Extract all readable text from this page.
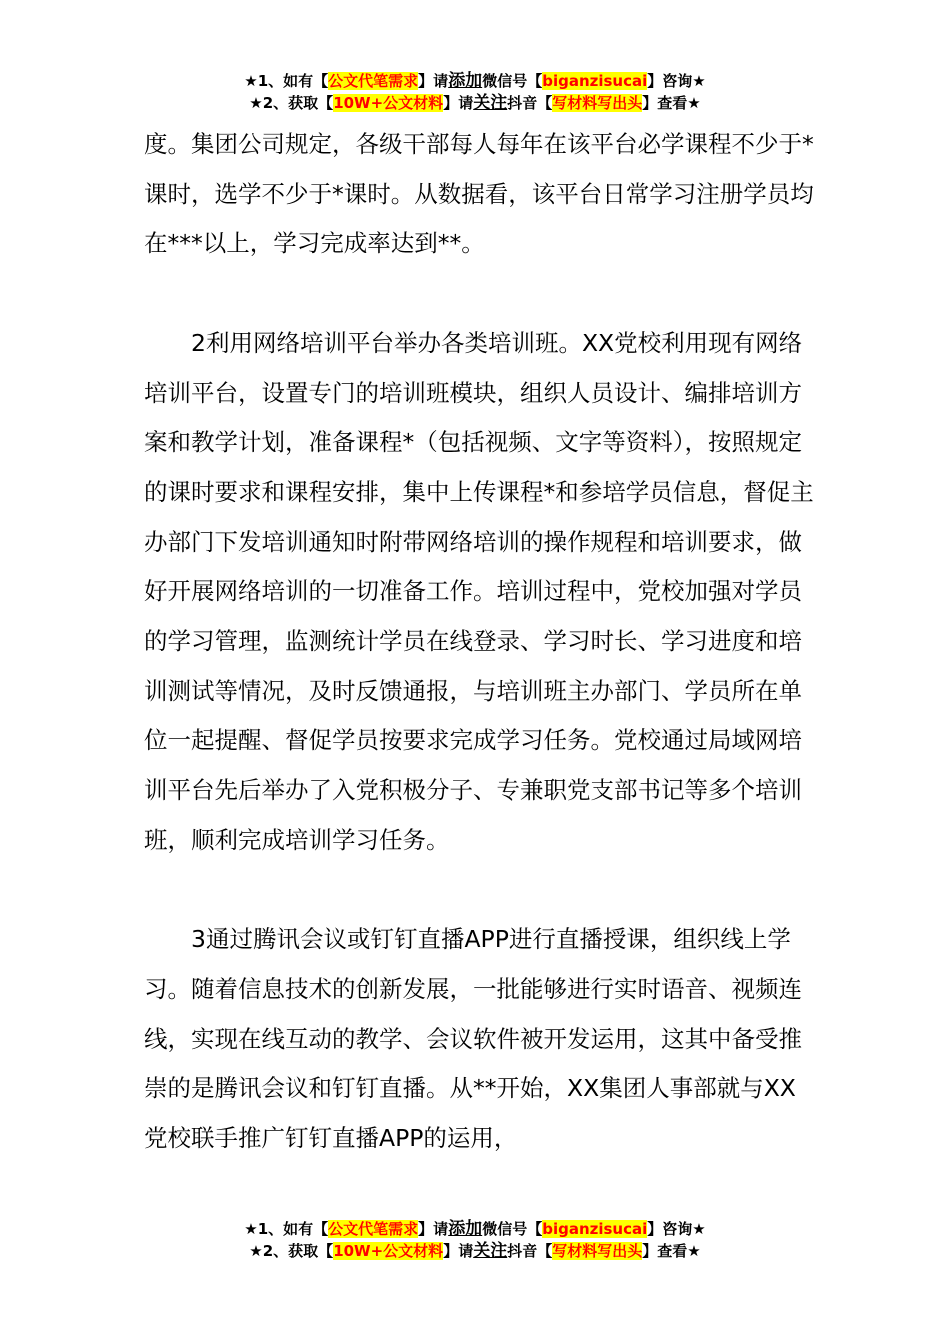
★1、如有【公文代笔需求】请添加微信号【biganzisucai】咨询★
★2、获取【10W+公文材料】请关注抖音【写材料写出头】查看★

度。集团公司规定，各级干部每人每年在该平台必学课程不少于*课时，选学不少于*课时。从数据看，该平台日常学习注册学员均在***以上，学习完成率达到**。

2利用网络培训平台举办各类培训班。XX党校利用现有网络培训平台，设置专门的培训班模块，组织人员设计、编排培训方案和教学计划，准备课程*（包括视频、文字等资料），按照规定的课时要求和课程安排，集中上传课程*和参培学员信息，督促主办部门下发培训通知时附带网络培训的操作规程和培训要求，做好开展网络培训的一切准备工作。培训过程中，党校加强对学员的学习管理，监测统计学员在线登录、学习时长、学习进度和培训测试等情况，及时反馈通报，与培训班主办部门、学员所在单位一起提醒、督促学员按要求完成学习任务。党校通过局域网培训平台先后举办了入党积极分子、专兼职党支部书记等多个培训班，顺利完成培训学习任务。

3通过腾讯会议或钉钉直播APP进行直播授课，组织线上学习。随着信息技术的创新发展，一批能够进行实时语音、视频连线，实现在线互动的教学、会议软件被开发运用，这其中备受推崇的是腾讯会议和钉钉直播。从**开始，XX集团人事部就与XX党校联手推广钉钉直播APP的运用，

★1、如有【公文代笔需求】请添加微信号【biganzisucai】咨询★
★2、获取【10W+公文材料】请关注抖音【写材料写出头】查看★
